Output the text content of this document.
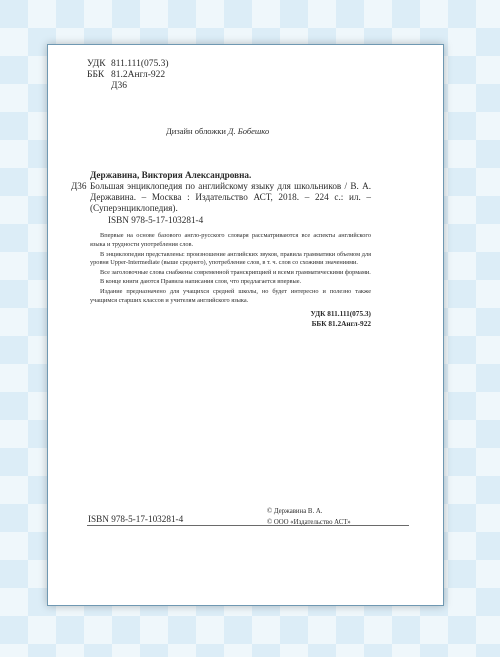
УДК 811.111(075.3)
ББК 81.2Англ-922
Д36
Дизайн обложки Д. Бобешко
Державина, Виктория Александровна.
Д36 Большая энциклопедия по английскому языку для школьников / В. А. Державина. – Москва : Издательство АСТ, 2018. – 224 с.: ил. – (Суперэнциклопедия).
ISBN 978-5-17-103281-4

Впервые на основе базового англо-русского словаря рассматриваются все аспекты английского языка и трудности употребления слов.

В энциклопедии представлены: произношение английских звуков, правила грамматики объемом для уровня Upper-Intermediate (выше среднего), употребление слов, в т. ч. слов со схожими значениями.

Все заголовочные слова снабжены современной транскрипцией и всеми грамматическими формами.

В конце книги даются Правила написания слов, что предлагается впервые.

Издание предназначено для учащихся средней школы, но будет интересно и полезно также учащимся старших классов и учителям английского языка.

УДК 811.111(075.3)
ББК 81.2Англ-922
ISBN 978-5-17-103281-4
© Державина В. А.
© ООО «Издательство АСТ»
